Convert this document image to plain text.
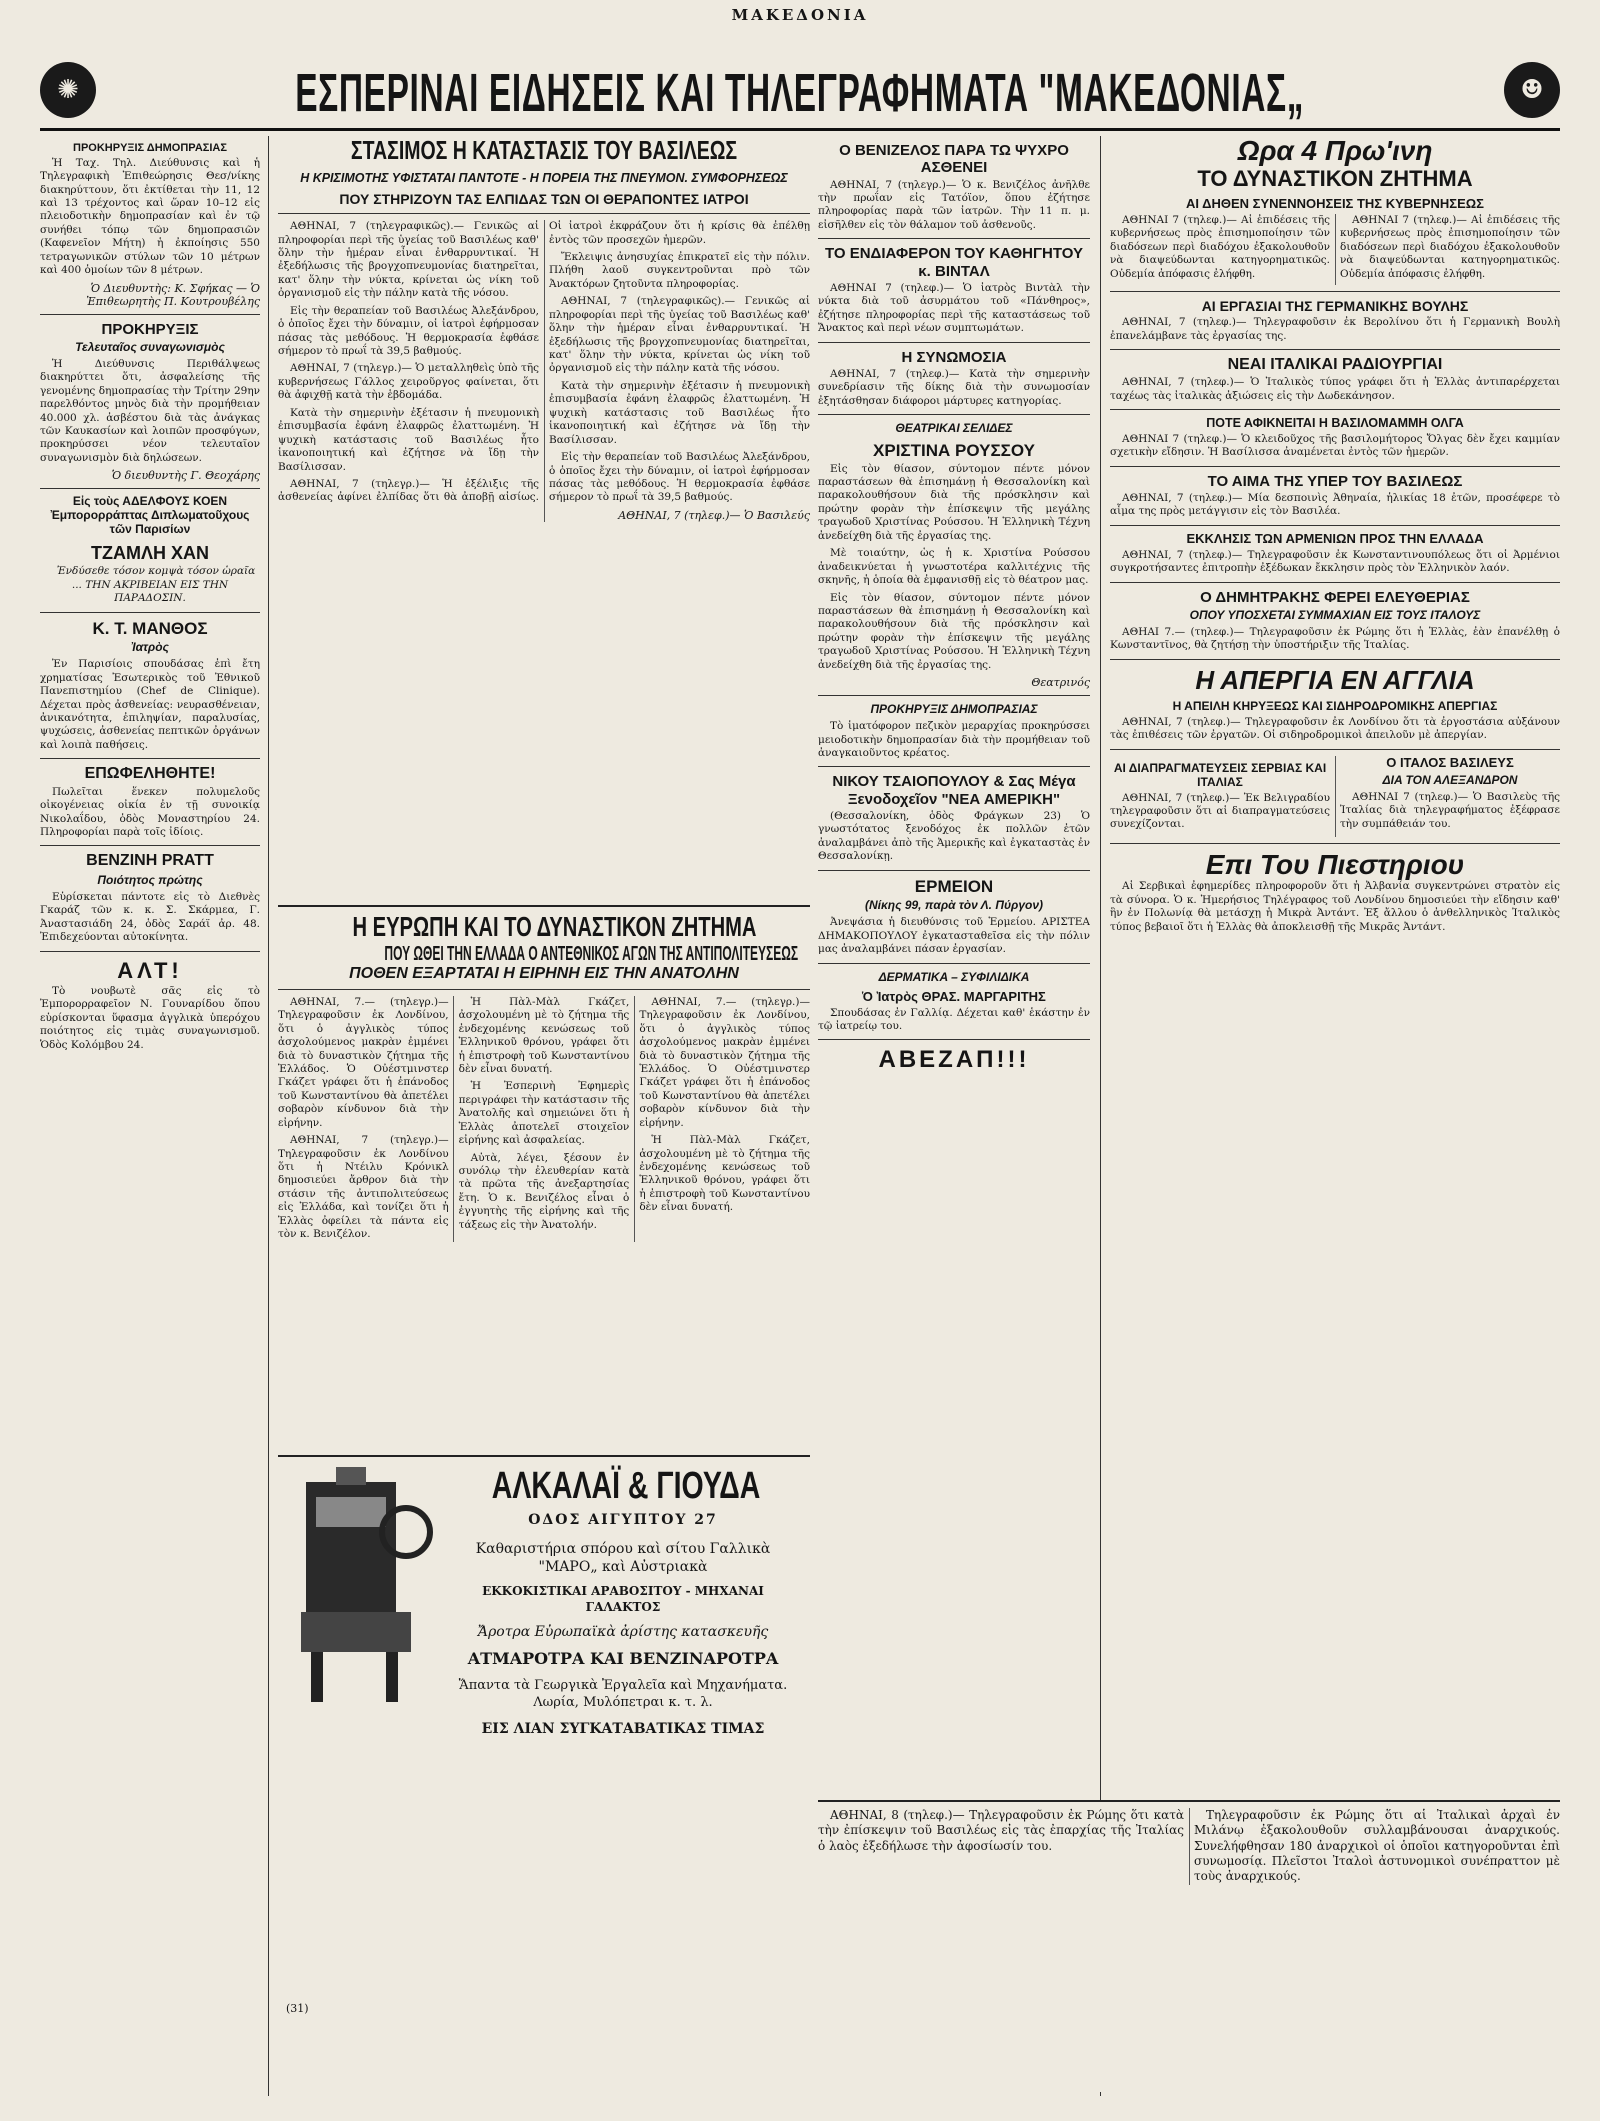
ΜΑΚΕΔΟΝΙΑ
✺	☻
ΕΣΠΕΡΙΝΑΙ ΕΙΔΗΣΕΙΣ ΚΑΙ ΤΗΛΕΓΡΑΦΗΜΑΤΑ "ΜΑΚΕΔΟΝΙΑΣ„
ΠΡΟΚΗΡΥΞΙΣ ΔΗΜΟΠΡΑΣΙΑΣ

Ἡ Ταχ. Τηλ. Διεύθυνσις καὶ ἡ Τηλεγραφικὴ Ἐπιθεώρησις Θεσ/νίκης διακηρύττουν, ὅτι ἐκτίθεται τὴν 11, 12 καὶ 13 τρέχοντος καὶ ὥραν 10–12 εἰς πλειοδοτικὴν δημοπρασίαν καὶ ἐν τῷ συνήθει τόπῳ τῶν δημοπρασιῶν (Καφενεῖον Μήτη) ἡ ἐκποίησις 550 τετραγωνικῶν στύλων τῶν 10 μέτρων καὶ 400 ὁμοίων τῶν 8 μέτρων.

Ὁ Διευθυντὴς: Κ. Σφήκας — Ὁ Ἐπιθεωρητὴς Π. Κουτρουβέλης
ΠΡΟΚΗΡΥΞΙΣ
Τελευταῖος συναγωνισμὸς

Ἡ Διεύθυνσις Περιθάλψεως διακηρύττει ὅτι, ἀσφαλείσης τῆς γενομένης δημοπρασίας τὴν Τρίτην 29ην παρελθόντος μηνὸς διὰ τὴν προμήθειαν 40.000 χλ. ἀσβέστου διὰ τὰς ἀνάγκας τῶν Καυκασίων καὶ λοιπῶν προσφύγων, προκηρύσσει νέον τελευταῖον συναγωνισμὸν διὰ δηλώσεων.

Ὁ διευθυντὴς Γ. Θεοχάρης
Εἰς τοὺς ΑΔΕΛΦΟΥΣ ΚΟΕΝ Ἐμπορορράπτας Διπλωματοῦχους τῶν Παρισίων
ΤΖΑΜΛΗ ΧΑΝ

Ἐνδύσεθε τόσον κομψὰ τόσον ὡραῖα ... ΤΗΝ ΑΚΡΙΒΕΙΑΝ ΕΙΣ ΤΗΝ ΠΑΡΑΔΟΣΙΝ.

Κ. Τ. ΜΑΝΘΟΣ
Ἰατρὸς

Ἐν Παρισίοις σπουδάσας ἐπὶ ἔτη χρηματίσας Ἐσωτερικὸς τοῦ Ἐθνικοῦ Πανεπιστημίου (Chef de Clinique). Δέχεται πρὸς ἀσθενείας: νευρασθένειαν, ἀνικανότητα, ἐπιληψίαν, παραλυσίας, ψυχώσεις, ἀσθενείας πεπτικῶν ὀργάνων καὶ λοιπὰ παθήσεις.

ΕΠΩΦΕΛΗΘΗΤΕ!

Πωλεῖται ἕνεκεν πολυμελοῦς οἰκογένειας οἰκία ἐν τῇ συνοικίᾳ Νικολαΐδου, ὁδὸς Μοναστηρίου 24. Πληροφορίαι παρὰ τοῖς ἰδίοις.

ΒΕΝΖΙΝΗ PRATT
Ποιότητος πρώτης

Εὑρίσκεται πάντοτε εἰς τὸ Διεθνὲς Γκαράζ τῶν κ. κ. Σ. Σκάρμεα, Γ. Ἀναστασιάδη 24, ὁδὸς Σαράϊ ἀρ. 48. Ἐπιδεχεύονται αὐτοκίνητα.

ΑΛΤ!

Τὸ νουβωτὲ σᾶς εἰς τὸ Ἐμπορορραφεῖον Ν. Γουναρίδου ὅπου εὑρίσκονται ὕφασμα ἀγγλικὰ ὑπερόχου ποιότητος εἰς τιμὰς συναγωνισμοῦ. Ὁδὸς Κολόμβου 24.

ΣΤΑΣΙΜΟΣ Η ΚΑΤΑΣΤΑΣΙΣ ΤΟΥ ΒΑΣΙΛΕΩΣ
Η ΚΡΙΣΙΜΟΤΗΣ ΥΦΙΣΤΑΤΑΙ ΠΑΝΤΟΤΕ - Η ΠΟΡΕΙΑ ΤΗΣ ΠΝΕΥΜΟΝ. ΣΥΜΦΟΡΗΣΕΩΣ
ΠΟΥ ΣΤΗΡΙΖΟΥΝ ΤΑΣ ΕΛΠΙΔΑΣ ΤΩΝ ΟΙ ΘΕΡΑΠΟΝΤΕΣ ΙΑΤΡΟΙ

ΑΘΗΝΑΙ, 7 (τηλεγραφικῶς).— Γενικῶς αἱ πληροφορίαι περὶ τῆς ὑγείας τοῦ Βασιλέως καθ' ὅλην τὴν ἡμέραν εἶναι ἐνθαρρυντικαί. Ἡ ἐξεδήλωσις τῆς βρογχοπνευμονίας διατηρεῖται, κατ' ὅλην τὴν νύκτα, κρίνεται ὡς νίκη τοῦ ὀργανισμοῦ εἰς τὴν πάλην κατὰ τῆς νόσου.

Εἰς τὴν θεραπείαν τοῦ Βασιλέως Ἀλεξάνδρου, ὁ ὁποῖος ἔχει τὴν δύναμιν, οἱ ἰατροὶ ἐφήρμοσαν πάσας τὰς μεθόδους. Ἡ θερμοκρασία ἐφθάσε σήμερον τὸ πρωΐ τὰ 39,5 βαθμούς.

ΑΘΗΝΑΙ, 7 (τηλεγρ.)— Ὁ μεταλληθεὶς ὑπὸ τῆς κυβερνήσεως Γάλλος χειροῦργος φαίνεται, ὅτι θὰ ἀφιχθῇ κατὰ τὴν ἑβδομάδα.

Κατὰ τὴν σημερινὴν ἐξέτασιν ἡ πνευμονικὴ ἐπισυμβασία ἐφάνη ἐλαφρῶς ἐλαττωμένη. Ἡ ψυχικὴ κατάστασις τοῦ Βασιλέως ἦτο ἱκανοποιητική καὶ ἐζήτησε νὰ ἴδῃ τὴν Βασίλισσαν.

ΑΘΗΝΑΙ, 7 (τηλεγρ.)— Ἡ ἐξέλιξις τῆς ἀσθενείας ἀφίνει ἐλπίδας ὅτι θὰ ἀποβῇ αἰσίως. Οἱ ἰατροὶ ἐκφράζουν ὅτι ἡ κρίσις θὰ ἐπέλθῃ ἐντὸς τῶν προσεχῶν ἡμερῶν.

Ἔκλειψις ἀνησυχίας ἐπικρατεῖ εἰς τὴν πόλιν. Πλήθη λαοῦ συγκεντροῦνται πρὸ τῶν Ἀνακτόρων ζητοῦντα πληροφορίας.

ΑΘΗΝΑΙ, 7 (τηλεγραφικῶς).— Γενικῶς αἱ πληροφορίαι περὶ τῆς ὑγείας τοῦ Βασιλέως καθ' ὅλην τὴν ἡμέραν εἶναι ἐνθαρρυντικαί. Ἡ ἐξεδήλωσις τῆς βρογχοπνευμονίας διατηρεῖται, κατ' ὅλην τὴν νύκτα, κρίνεται ὡς νίκη τοῦ ὀργανισμοῦ εἰς τὴν πάλην κατὰ τῆς νόσου.

Κατὰ τὴν σημερινὴν ἐξέτασιν ἡ πνευμονικὴ ἐπισυμβασία ἐφάνη ἐλαφρῶς ἐλαττωμένη. Ἡ ψυχικὴ κατάστασις τοῦ Βασιλέως ἦτο ἱκανοποιητική καὶ ἐζήτησε νὰ ἴδῃ τὴν Βασίλισσαν.

Εἰς τὴν θεραπείαν τοῦ Βασιλέως Ἀλεξάνδρου, ὁ ὁποῖος ἔχει τὴν δύναμιν, οἱ ἰατροὶ ἐφήρμοσαν πάσας τὰς μεθόδους. Ἡ θερμοκρασία ἐφθάσε σήμερον τὸ πρωΐ τὰ 39,5 βαθμούς.

ΑΘΗΝΑΙ, 7 (τηλεφ.)— Ὁ Βασιλεύς
Ο ΒΕΝΙΖΕΛΟΣ ΠΑΡΑ ΤΩ ΨΥΧΡΟ ΑΣΘΕΝΕΙ

ΑΘΗΝΑΙ, 7 (τηλεγρ.)— Ὁ κ. Βενιζέλος ἀνῆλθε τὴν πρωΐαν εἰς Τατόϊον, ὅπου ἐζήτησε πληροφορίας παρὰ τῶν ἰατρῶν. Τὴν 11 π. μ. εἰσῆλθεν εἰς τὸν θάλαμον τοῦ ἀσθενοῦς.

ΤΟ ΕΝΔΙΑΦΕΡΟΝ ΤΟΥ ΚΑΘΗΓΗΤΟΥ κ. ΒΙΝΤΑΛ

ΑΘΗΝΑΙ 7 (τηλεφ.)— Ὁ ἰατρὸς Βιντὰλ τὴν νύκτα διὰ τοῦ ἀσυρμάτου τοῦ «Πάνθηρος», ἐζήτησε πληροφορίας περὶ τῆς καταστάσεως τοῦ Ἄνακτος καὶ περὶ νέων συμπτωμάτων.

Η ΣΥΝΩΜΟΣΙΑ

ΑΘΗΝΑΙ, 7 (τηλεφ.)— Κατὰ τὴν σημερινὴν συνεδρίασιν τῆς δίκης διὰ τὴν συνωμοσίαν ἐξητάσθησαν διάφοροι μάρτυρες κατηγορίας.

ΘΕΑΤΡΙΚΑΙ ΣΕΛΙΔΕΣ
ΧΡΙΣΤΙΝΑ ΡΟΥΣΣΟΥ

Εἰς τὸν θίασον, σύντομον πέντε μόνον παραστάσεων θὰ ἐπισημάνῃ ἡ Θεσσαλονίκη καὶ παρακολουθήσουν διὰ τῆς πρόσκλησιν καὶ πρώτην φορὰν τὴν ἐπίσκεψιν τῆς μεγάλης τραγωδοῦ Χριστίνας Ρούσσου. Ἡ Ἑλληνικὴ Τέχνη ἀνεδείχθη διὰ τῆς ἐργασίας της.

Μὲ τοιαύτην, ὡς ἡ κ. Χριστίνα Ρούσσου ἀναδεικνύεται ἡ γνωστοτέρα καλλιτέχνις τῆς σκηνῆς, ἡ ὁποία θὰ ἐμφανισθῇ εἰς τὸ θέατρον μας.

Εἰς τὸν θίασον, σύντομον πέντε μόνον παραστάσεων θὰ ἐπισημάνῃ ἡ Θεσσαλονίκη καὶ παρακολουθήσουν διὰ τῆς πρόσκλησιν καὶ πρώτην φορὰν τὴν ἐπίσκεψιν τῆς μεγάλης τραγωδοῦ Χριστίνας Ρούσσου. Ἡ Ἑλληνικὴ Τέχνη ἀνεδείχθη διὰ τῆς ἐργασίας της.

Θεατρινός
ΠΡΟΚΗΡΥΞΙΣ ΔΗΜΟΠΡΑΣΙΑΣ

Τὸ ἱματόφορον πεζικὸν μεραρχίας προκηρύσσει μειοδοτικὴν δημοπρασίαν διὰ τὴν προμήθειαν τοῦ ἀναγκαιοῦντος κρέατος.

ΝΙΚΟΥ ΤΣΑΙΟΠΟΥΛΟΥ & Σας Μέγα Ξενοδοχεῖον "ΝΕΑ ΑΜΕΡΙΚΗ"

(Θεσσαλονίκη, ὁδὸς Φράγκων 23) Ὁ γνωστότατος ξενοδόχος ἐκ πολλῶν ἐτῶν ἀναλαμβάνει ἀπὸ τῆς Ἀμερικῆς καὶ ἐγκαταστὰς ἐν Θεσσαλονίκῃ.

ΕΡΜΕΙΟΝ
(Νίκης 99, παρὰ τὸν Λ. Πύργον)

Ἀνεψάσια ἡ διευθύνσις τοῦ Ἑρμείου. ΑΡΙΣΤΕΑ ΔΗΜΑΚΟΠΟΥΛΟΥ ἐγκατασταθεῖσα εἰς τὴν πόλιν μας ἀναλαμβάνει πάσαν ἐργασίαν.

ΔΕΡΜΑΤΙΚΑ – ΣΥΦΙΛΙΔΙΚΑ
Ὁ Ἰατρὸς ΘΡΑΣ. ΜΑΡΓΑΡΙΤΗΣ

Σπουδάσας ἐν Γαλλίᾳ. Δέχεται καθ' ἑκάστην ἐν τῷ ἰατρείῳ του.

ΑΒΕΖΑΠ!!!
Η ΕΥΡΩΠΗ ΚΑΙ ΤΟ ΔΥΝΑΣΤΙΚΟΝ ΖΗΤΗΜΑ
ΠΟΥ ΩΘΕΙ ΤΗΝ ΕΛΛΑΔΑ Ο ΑΝΤΕΘΝΙΚΟΣ ΑΓΩΝ ΤΗΣ ΑΝΤΙΠΟΛΙΤΕΥΣΕΩΣ
ΠΟΘΕΝ ΕΞΑΡΤΑΤΑΙ Η ΕΙΡΗΝΗ ΕΙΣ ΤΗΝ ΑΝΑΤΟΛΗΝ

ΑΘΗΝΑΙ, 7.— (τηλεγρ.)— Τηλεγραφοῦσιν ἐκ Λονδίνου, ὅτι ὁ ἀγγλικὸς τύπος ἀσχολούμενος μακρὰν ἐμμένει διὰ τὸ δυναστικὸν ζήτημα τῆς Ἑλλάδος. Ὁ Οὐέστμινστερ Γκάζετ γράφει ὅτι ἡ ἐπάνοδος τοῦ Κωνσταντίνου θὰ ἀπετέλει σοβαρὸν κίνδυνον διὰ τὴν εἰρήνην.

ΑΘΗΝΑΙ, 7 (τηλεγρ.)— Τηλεγραφοῦσιν ἐκ Λονδίνου ὅτι ἡ Ντέιλυ Κρόνικλ δημοσιεύει ἄρθρον διὰ τὴν στάσιν τῆς ἀντιπολιτεύσεως εἰς Ἑλλάδα, καὶ τονίζει ὅτι ἡ Ἑλλὰς ὀφείλει τὰ πάντα εἰς τὸν κ. Βενιζέλον.

Ἡ Πὰλ-Μὰλ Γκάζετ, ἀσχολουμένη μὲ τὸ ζήτημα τῆς ἐνδεχομένης κενώσεως τοῦ Ἑλληνικοῦ θρόνου, γράφει ὅτι ἡ ἐπιστροφὴ τοῦ Κωνσταντίνου δὲν εἶναι δυνατή.

Ἡ Ἐσπερινὴ Ἐφημερὶς περιγράφει τὴν κατάστασιν τῆς Ἀνατολῆς καὶ σημειώνει ὅτι ἡ Ἑλλὰς ἀποτελεῖ στοιχεῖον εἰρήνης καὶ ἀσφαλείας.

Αὐτὰ, λέγει, ξέσουν ἐν συνόλῳ τὴν ἐλευθερίαν κατὰ τὰ πρῶτα τῆς ἀνεξαρτησίας ἔτη. Ὁ κ. Βενιζέλος εἶναι ὁ ἐγγυητὴς τῆς εἰρήνης καὶ τῆς τάξεως εἰς τὴν Ἀνατολήν.

ΑΘΗΝΑΙ, 7.— (τηλεγρ.)— Τηλεγραφοῦσιν ἐκ Λονδίνου, ὅτι ὁ ἀγγλικὸς τύπος ἀσχολούμενος μακρὰν ἐμμένει διὰ τὸ δυναστικὸν ζήτημα τῆς Ἑλλάδος. Ὁ Οὐέστμινστερ Γκάζετ γράφει ὅτι ἡ ἐπάνοδος τοῦ Κωνσταντίνου θὰ ἀπετέλει σοβαρὸν κίνδυνον διὰ τὴν εἰρήνην.

Ἡ Πὰλ-Μὰλ Γκάζετ, ἀσχολουμένη μὲ τὸ ζήτημα τῆς ἐνδεχομένης κενώσεως τοῦ Ἑλληνικοῦ θρόνου, γράφει ὅτι ἡ ἐπιστροφὴ τοῦ Κωνσταντίνου δὲν εἶναι δυνατή.

ΑΛΚΑΛΑΪ & ΓΙΟΥΔΑ
ΟΔΟΣ ΑΙΓΥΠΤΟΥ 27
Καθαριστήρια σπόρου καὶ σίτου Γαλλικὰ "ΜΑΡΟ„ καὶ Αὐστριακὰ
ΕΚΚΟΚΙΣΤΙΚΑΙ ΑΡΑΒΟΣΙΤΟΥ - ΜΗΧΑΝΑΙ ΓΑΛΑΚΤΟΣ
Ἄροτρα Εὐρωπαϊκὰ ἀρίστης κατασκευῆς
ΑΤΜΑΡΟΤΡΑ ΚΑΙ ΒΕΝΖΙΝΑΡΟΤΡΑ
Ἅπαντα τὰ Γεωργικὰ Ἐργαλεῖα καὶ Μηχανήματα. Λωρία, Μυλόπετραι κ. τ. λ.
ΕΙΣ ΛΙΑΝ ΣΥΓΚΑΤΑΒΑΤΙΚΑΣ ΤΙΜΑΣ
(31)
Ωρα 4 Πρω'ινη
ΤΟ ΔΥΝΑΣΤΙΚΟΝ ΖΗΤΗΜΑ
ΑΙ ΔΗΘΕΝ ΣΥΝΕΝΝΟΗΣΕΙΣ ΤΗΣ ΚΥΒΕΡΝΗΣΕΩΣ

ΑΘΗΝΑΙ 7 (τηλεφ.)— Αἱ ἐπιδέσεις τῆς κυβερνήσεως πρὸς ἐπισημοποίησιν τῶν διαδόσεων περὶ διαδόχου ἐξακολουθοῦν νὰ διαψεύδωνται κατηγορηματικῶς. Οὐδεμία ἀπόφασις ἐλήφθη.

ΑΘΗΝΑΙ 7 (τηλεφ.)— Αἱ ἐπιδέσεις τῆς κυβερνήσεως πρὸς ἐπισημοποίησιν τῶν διαδόσεων περὶ διαδόχου ἐξακολουθοῦν νὰ διαψεύδωνται κατηγορηματικῶς. Οὐδεμία ἀπόφασις ἐλήφθη.

ΑΙ ΕΡΓΑΣΙΑΙ ΤΗΣ ΓΕΡΜΑΝΙΚΗΣ ΒΟΥΛΗΣ

ΑΘΗΝΑΙ, 7 (τηλεφ.)— Τηλεγραφοῦσιν ἐκ Βερολίνου ὅτι ἡ Γερμανικὴ Βουλὴ ἐπανελάμβανε τὰς ἐργασίας της.

ΝΕΑΙ ΙΤΑΛΙΚΑΙ ΡΑΔΙΟΥΡΓΙΑΙ

ΑΘΗΝΑΙ, 7 (τηλεφ.)— Ὁ Ἰταλικὸς τύπος γράφει ὅτι ἡ Ἑλλὰς ἀντιπαρέρχεται ταχέως τὰς ἰταλικὰς ἀξιώσεις εἰς τὴν Δωδεκάνησον.

ΠΟΤΕ ΑΦΙΚΝΕΙΤΑΙ Η ΒΑΣΙΛΟΜΑΜΜΗ ΟΛΓΑ

ΑΘΗΝΑΙ 7 (τηλεφ.)— Ὁ κλειδοῦχος τῆς βασιλομήτορος Ὄλγας δὲν ἔχει καμμίαν σχετικὴν εἴδησιν. Ἡ Βασίλισσα ἀναμένεται ἐντὸς τῶν ἡμερῶν.

ΤΟ ΑΙΜΑ ΤΗΣ ΥΠΕΡ ΤΟΥ ΒΑΣΙΛΕΩΣ

ΑΘΗΝΑΙ, 7 (τηλεφ.)— Μία δεσποινὶς Ἀθηναία, ἡλικίας 18 ἐτῶν, προσέφερε τὸ αἷμα της πρὸς μετάγγισιν εἰς τὸν Βασιλέα.

ΕΚΚΛΗΣΙΣ ΤΩΝ ΑΡΜΕΝΙΩΝ ΠΡΟΣ ΤΗΝ ΕΛΛΑΔΑ

ΑΘΗΝΑΙ, 7 (τηλεφ.)— Τηλεγραφοῦσιν ἐκ Κωνσταντινουπόλεως ὅτι οἱ Ἀρμένιοι συγκροτήσαντες ἐπιτροπὴν ἐξέδωκαν ἔκκλησιν πρὸς τὸν Ἑλληνικὸν λαόν.

Ο ΔΗΜΗΤΡΑΚΗΣ ΦΕΡΕΙ ΕΛΕΥΘΕΡΙΑΣ
ΟΠΟΥ ΥΠΟΣΧΕΤΑΙ ΣΥΜΜΑΧΙΑΝ ΕΙΣ ΤΟΥΣ ΙΤΑΛΟΥΣ

ΑΘΗΑΙ 7.— (τηλεφ.)— Τηλεγραφοῦσιν ἐκ Ρώμης ὅτι ἡ Ἑλλὰς, ἐὰν ἐπανέλθῃ ὁ Κωνσταντῖνος, θὰ ζητήσῃ τὴν ὑποστήριξιν τῆς Ἰταλίας.

Η ΑΠΕΡΓΙΑ ΕΝ ΑΓΓΛΙΑ
Η ΑΠΕΙΛΗ ΚΗΡΥΞΕΩΣ ΚΑΙ ΣΙΔΗΡΟΔΡΟΜΙΚΗΣ ΑΠΕΡΓΙΑΣ

ΑΘΗΝΑΙ, 7 (τηλεφ.)— Τηλεγραφοῦσιν ἐκ Λονδίνου ὅτι τὰ ἐργοστάσια αὐξάνουν τὰς ἐπιθέσεις τῶν ἐργατῶν. Οἱ σιδηροδρομικοὶ ἀπειλοῦν μὲ ἀπεργίαν.

ΑΙ ΔΙΑΠΡΑΓΜΑΤΕΥΣΕΙΣ ΣΕΡΒΙΑΣ ΚΑΙ ΙΤΑΛΙΑΣ

ΑΘΗΝΑΙ, 7 (τηλεφ.)— Ἐκ Βελιγραδίου τηλεγραφοῦσιν ὅτι αἱ διαπραγματεύσεις συνεχίζονται.

Ο ΙΤΑΛΟΣ ΒΑΣΙΛΕΥΣ
ΔΙΑ ΤΟΝ ΑΛΕΞΑΝΔΡΟΝ

ΑΘΗΝΑΙ 7 (τηλεφ.)— Ὁ Βασιλεὺς τῆς Ἰταλίας διὰ τηλεγραφήματος ἐξέφρασε τὴν συμπάθειάν του.

Επι Του Πιεστηριου

Αἱ Σερβικαὶ ἐφημερίδες πληροφοροῦν ὅτι ἡ Ἀλβανία συγκεντρώνει στρατὸν εἰς τὰ σύνορα. Ὁ κ. Ἡμερήσιος Τηλέγραφος τοῦ Λονδίνου δημοσιεύει τὴν εἴδησιν καθ' ἣν ἐν Πολωνίᾳ θὰ μετάσχῃ ἡ Μικρὰ Ἀντάντ. Ἐξ ἄλλου ὁ ἀνθελληνικὸς Ἰταλικὸς τύπος βεβαιοῖ ὅτι ἡ Ἑλλὰς θὰ ἀποκλεισθῇ τῆς Μικρᾶς Ἀντάντ.

ΑΘΗΝΑΙ, 8 (τηλεφ.)— Τηλεγραφοῦσιν ἐκ Ρώμης ὅτι κατὰ τὴν ἐπίσκεψιν τοῦ Βασιλέως εἰς τὰς ἐπαρχίας τῆς Ἰταλίας ὁ λαὸς ἐξεδήλωσε τὴν ἀφοσίωσίν του.

Τηλεγραφοῦσιν ἐκ Ρώμης ὅτι αἱ Ἰταλικαὶ ἀρχαὶ ἐν Μιλάνῳ ἐξακολουθοῦν συλλαμβάνουσαι ἀναρχικούς. Συνελήφθησαν 180 ἀναρχικοὶ οἱ ὁποῖοι κατηγοροῦνται ἐπὶ συνωμοσίᾳ. Πλεῖστοι Ἰταλοὶ ἀστυνομικοὶ συνέπραττον μὲ τοὺς ἀναρχικούς.
